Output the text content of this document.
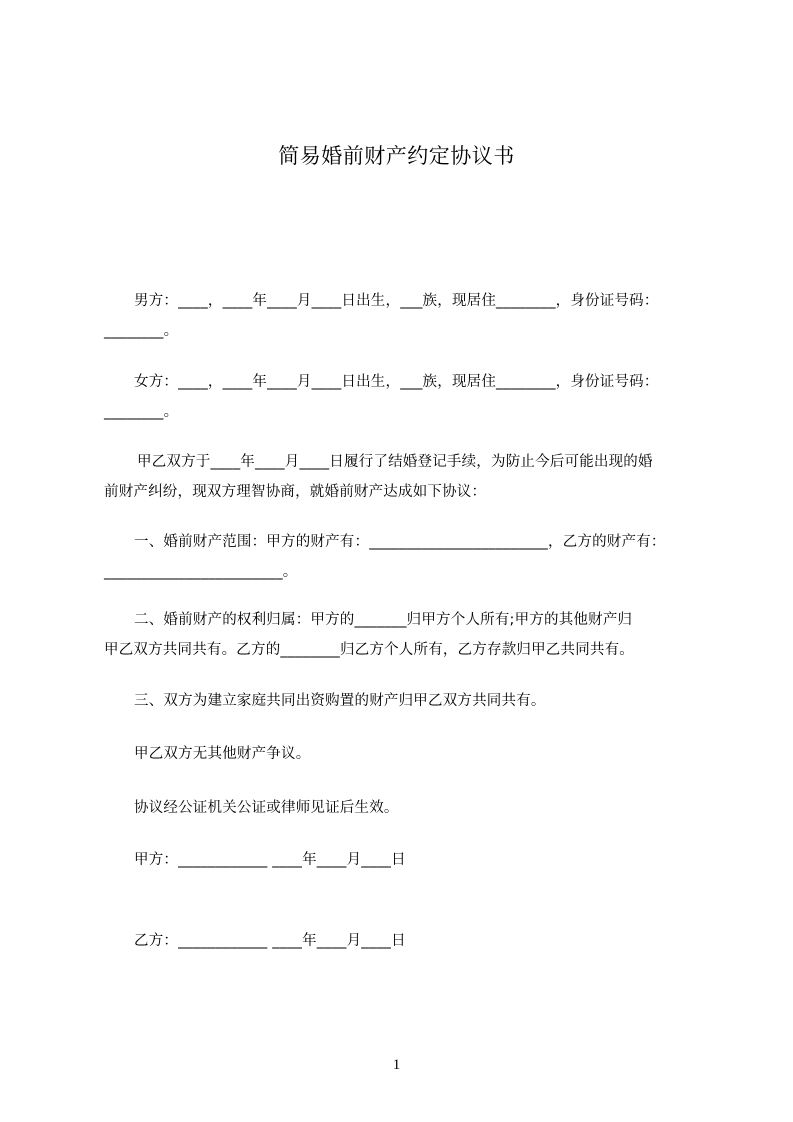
简易婚前财产约定协议书
男方：____，____年____月____日出生，___族，现居住________，身份证号码：
________。
女方：____，____年____月____日出生，___族，现居住________，身份证号码：
________。
甲乙双方于____年____月____日履行了结婚登记手续，为防止今后可能出现的婚
前财产纠纷，现双方理智协商，就婚前财产达成如下协议：
一、婚前财产范围：甲方的财产有：________________________，乙方的财产有：
________________________。
二、婚前财产的权利归属：甲方的_______归甲方个人所有;甲方的其他财产归
甲乙双方共同共有。乙方的________归乙方个人所有，乙方存款归甲乙共同共有。
三、双方为建立家庭共同出资购置的财产归甲乙双方共同共有。
甲乙双方无其他财产争议。
协议经公证机关公证或律师见证后生效。
甲方：____________ ____年____月____日
乙方：____________ ____年____月____日
1
